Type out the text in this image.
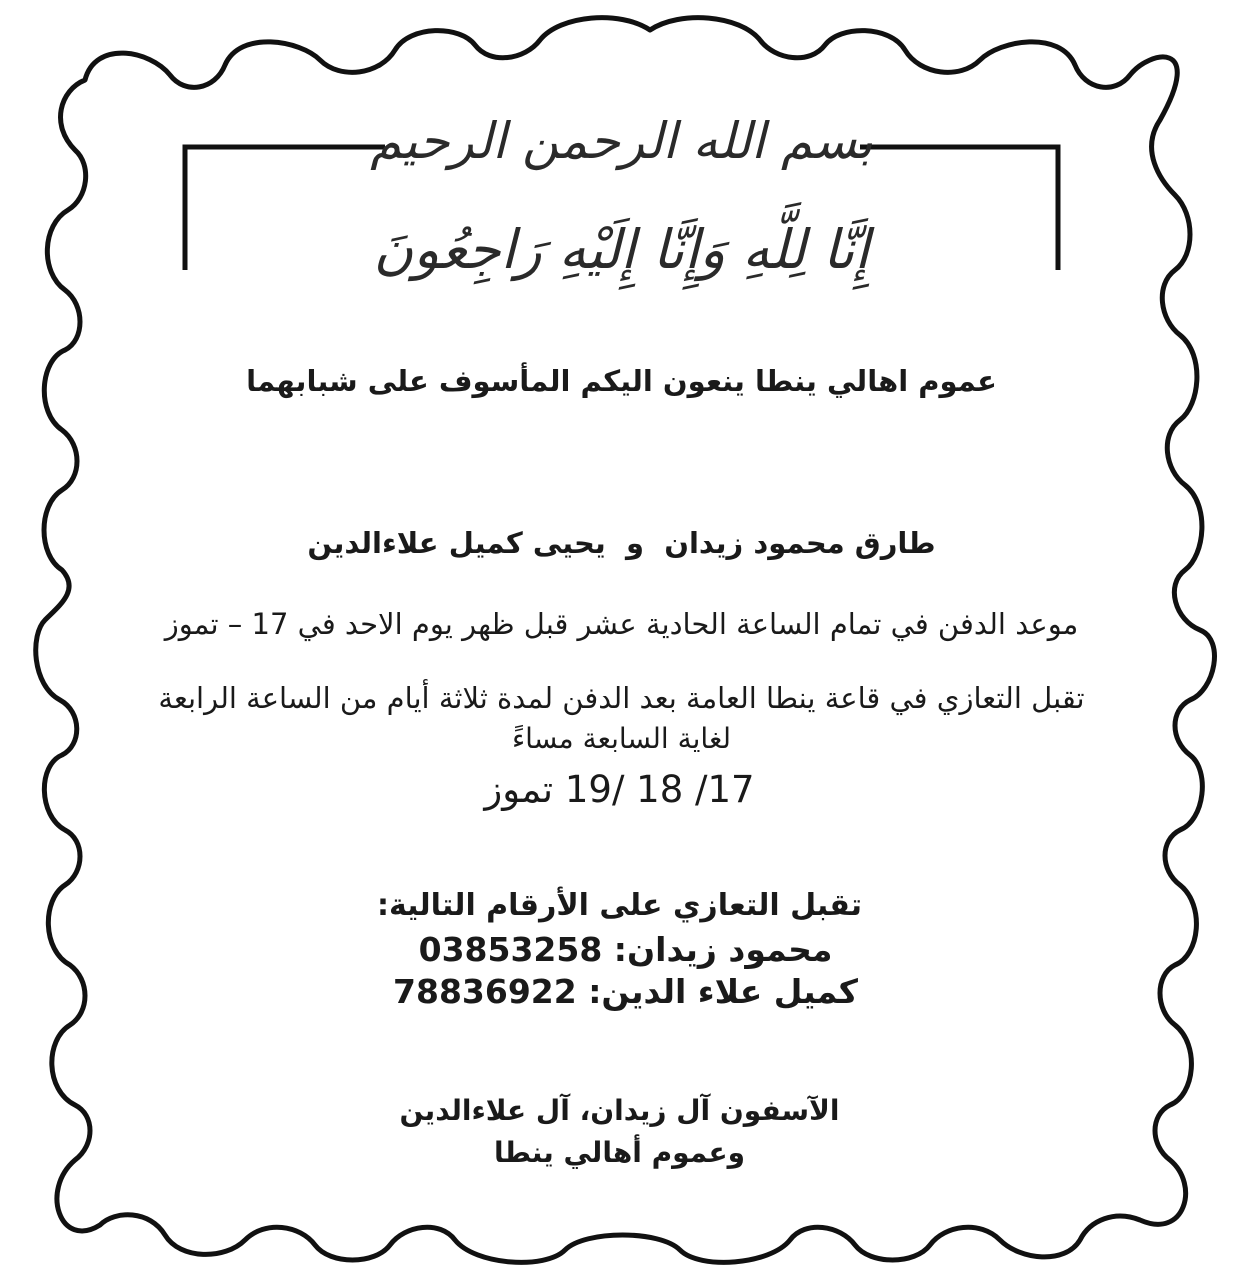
بسم الله الرحمن الرحيم
إِنَّا لِلَّهِ وَإِنَّا إِلَيْهِ رَاجِعُونَ
عموم اهالي ينطا ينعون اليكم المأسوف على شبابهما
طارق محمود زيدان  و  يحيى كميل علاءالدين
موعد الدفن في تمام الساعة الحادية عشر قبل ظهر يوم الاحد في 17 – تموز
تقبل التعازي في قاعة ينطا العامة بعد الدفن لمدة ثلاثة أيام من الساعة الرابعة
لغاية السابعة مساءً
17/ 18 /19 تموز
تقبل التعازي على الأرقام التالية:
محمود زيدان: 03853258
كميل علاء الدين: 78836922
الآسفون آل زيدان، آل علاءالدين
وعموم أهالي ينطا
